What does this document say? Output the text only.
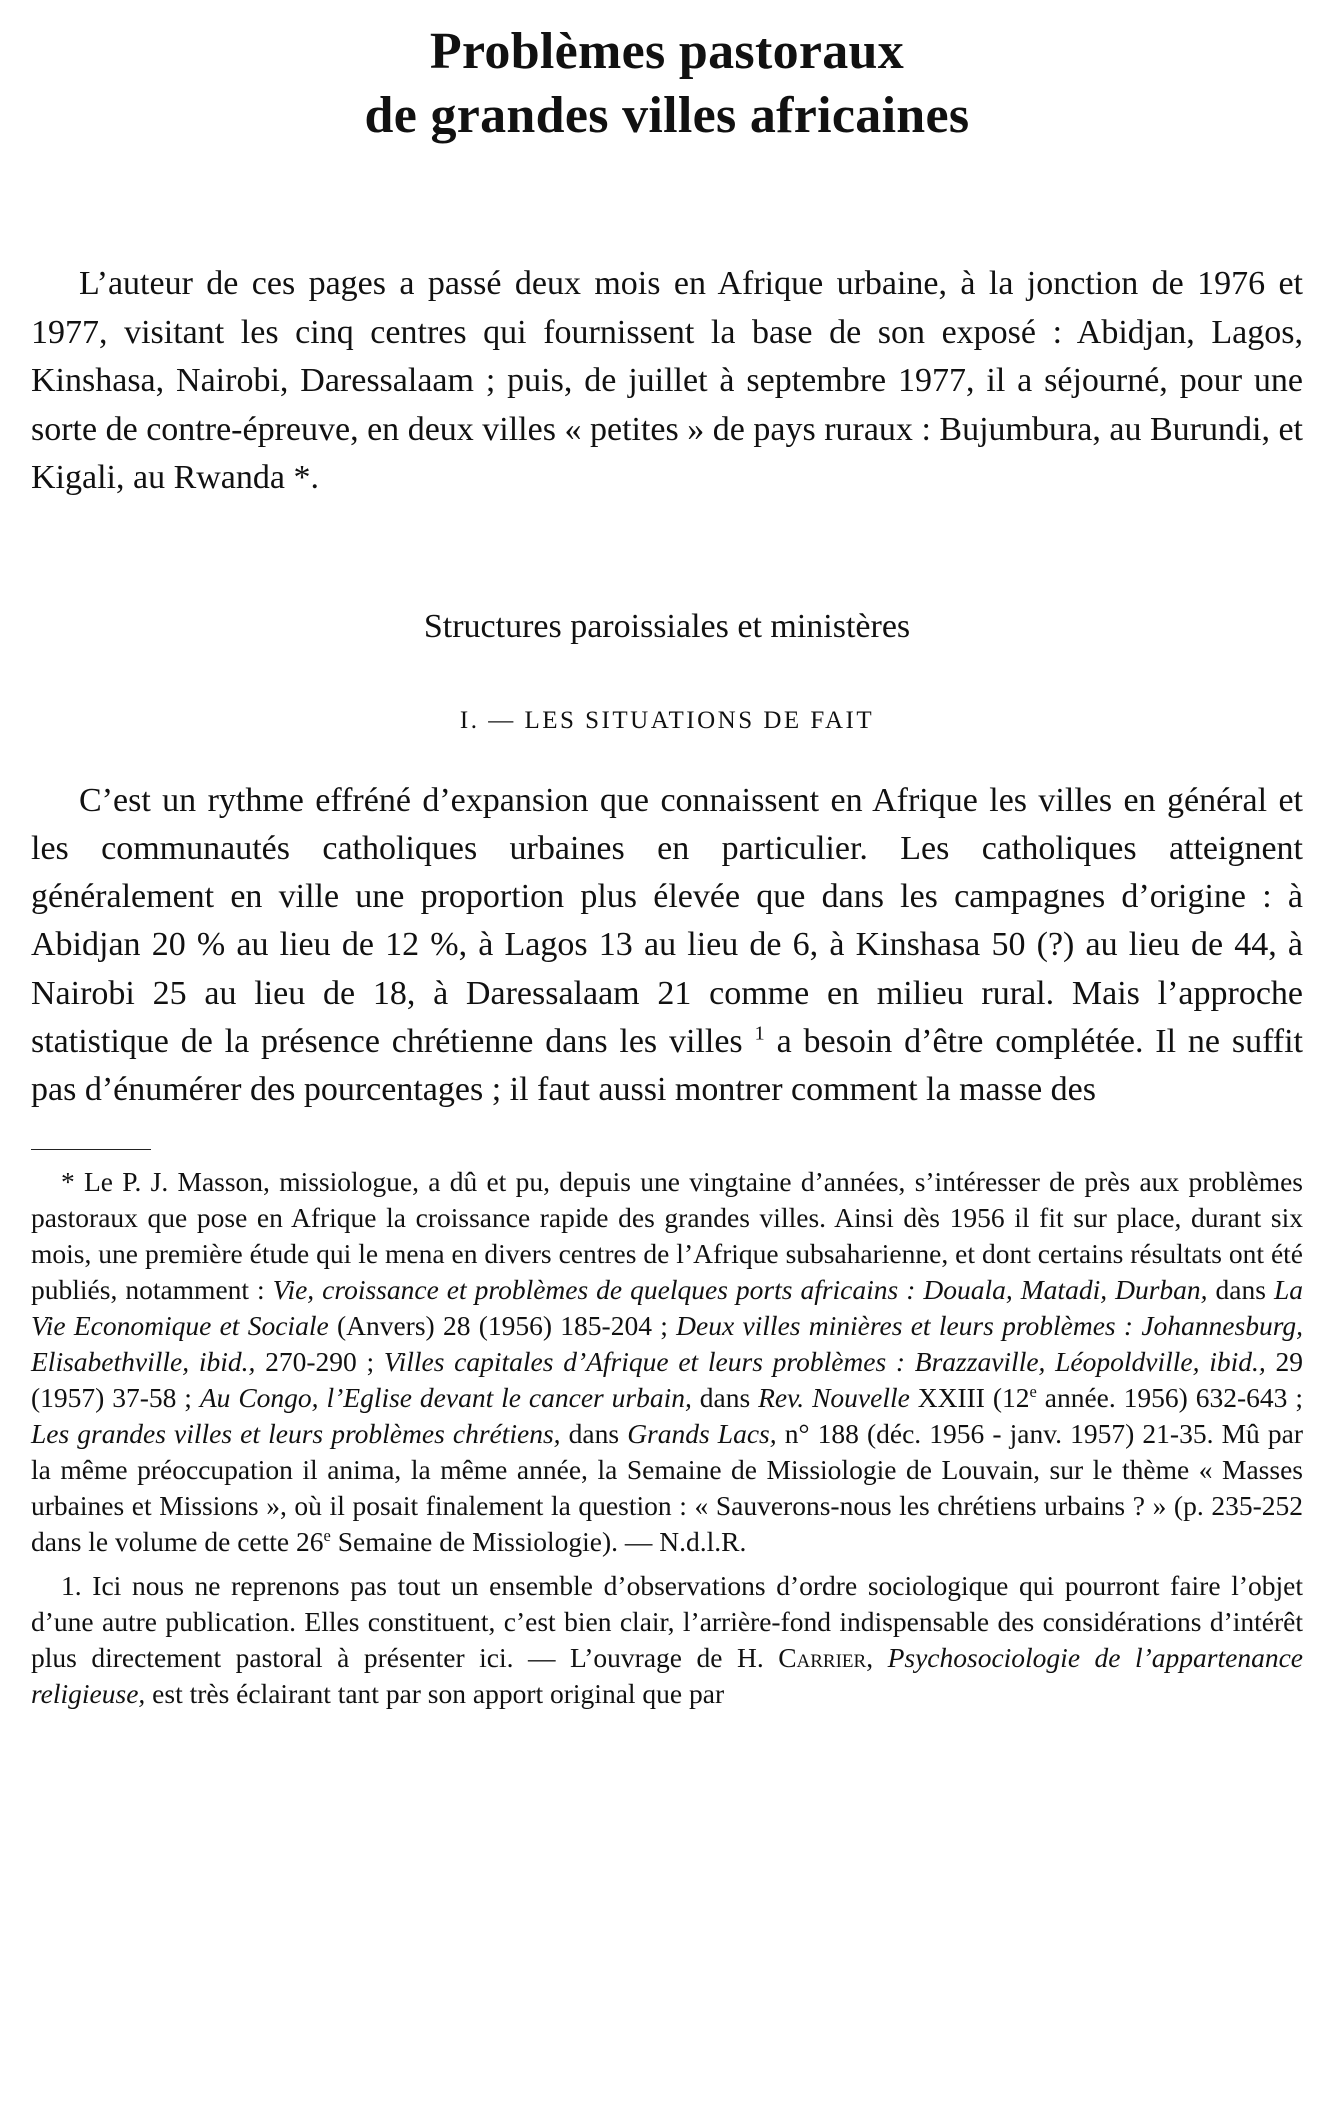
Problèmes pastoraux
de grandes villes africaines

L’auteur de ces pages a passé deux mois en Afrique urbaine, à la jonction de 1976 et 1977, visitant les cinq centres qui fournissent la base de son exposé : Abidjan, Lagos, Kinshasa, Nairobi, Daressalaam ; puis, de juillet à septembre 1977, il a séjourné, pour une sorte de contre-épreuve, en deux villes « petites » de pays ruraux : Bujumbura, au Burundi, et Kigali, au Rwanda *.

Structures paroissiales et ministères
I. — LES SITUATIONS DE FAIT

C’est un rythme effréné d’expansion que connaissent en Afrique les villes en général et les communautés catholiques urbaines en particulier. Les catholiques atteignent généralement en ville une proportion plus élevée que dans les campagnes d’origine : à Abidjan 20 % au lieu de 12 %, à Lagos 13 au lieu de 6, à Kinshasa 50 (?) au lieu de 44, à Nairobi 25 au lieu de 18, à Daressalaam 21 comme en milieu rural. Mais l’approche statistique de la présence chrétienne dans les villes $^1$ a besoin d’être complétée. Il ne suffit pas d’énumérer des pourcentages ; il faut aussi montrer comment la masse des

* Le P. J. Masson, missiologue, a dû et pu, depuis une vingtaine d’années, s’intéresser de près aux problèmes pastoraux que pose en Afrique la croissance rapide des grandes villes. Ainsi dès 1956 il fit sur place, durant six mois, une première étude qui le mena en divers centres de l’Afrique subsaharienne, et dont certains résultats ont été publiés, notamment : Vie, croissance et problèmes de quelques ports africains : Douala, Matadi, Durban, dans La Vie Economique et Sociale (Anvers) 28 (1956) 185-204 ; Deux villes minières et leurs problèmes : Johannesburg, Elisabethville, ibid., 270-290 ; Villes capitales d’Afrique et leurs problèmes : Brazzaville, Léopoldville, ibid., 29 (1957) 37-58 ; Au Congo, l’Eglise devant le cancer urbain, dans Rev. Nouvelle XXIII (12e année. 1956) 632-643 ; Les grandes villes et leurs problèmes chrétiens, dans Grands Lacs, n° 188 (déc. 1956 - janv. 1957) 21-35. Mû par la même préoccupation il anima, la même année, la Semaine de Missiologie de Louvain, sur le thème « Masses urbaines et Missions », où il posait finalement la question : « Sauverons-nous les chrétiens urbains ? » (p. 235-252 dans le volume de cette 26e Semaine de Missiologie). — N.d.l.R.

1. Ici nous ne reprenons pas tout un ensemble d’observations d’ordre sociologique qui pourront faire l’objet d’une autre publication. Elles constituent, c’est bien clair, l’arrière-fond indispensable des considérations d’intérêt plus directement pastoral à présenter ici. — L’ouvrage de H. Carrier, Psychosociologie de l’appartenance religieuse, est très éclairant tant par son apport original que par
